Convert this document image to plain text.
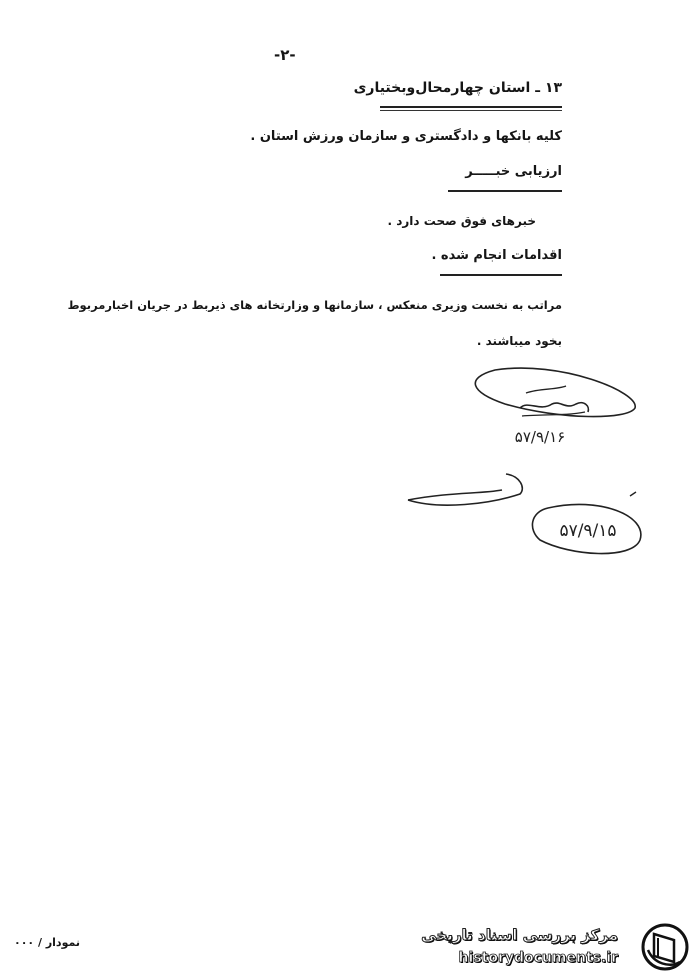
-۲-
۱۳ ـ استان چهارمحال‌وبختیاری
کلیه بانکها و دادگستری و سازمان ورزش استان .
ارزیابی خبـــــر
خبرهای فوق صحت دارد .
اقدامات انجام شده .
مراتب به نخست وزیری منعکس ، سازمانها و وزارتخانه های ذیربط در جریان اخبارمربوط
بخود میباشند .
۵۷/۹/۱۶
۵۷/۹/۱۵
نمودار / ۰۰۰	مرکز بررسی اسناد تاریخی
historydocuments.ir
